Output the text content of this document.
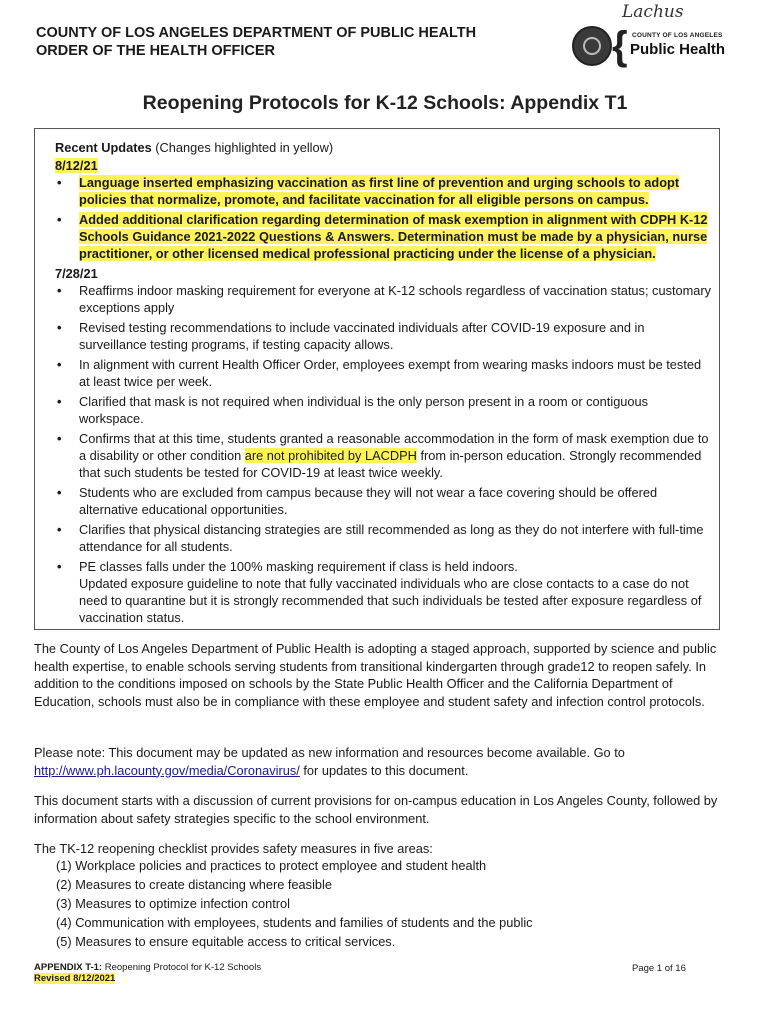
COUNTY OF LOS ANGELES DEPARTMENT OF PUBLIC HEALTH
ORDER OF THE HEALTH OFFICER
Lachus
{ COUNTY OF LOS ANGELES
Public Health
Reopening Protocols for K-12 Schools: Appendix T1
Recent Updates (Changes highlighted in yellow)
8/12/21
• Language inserted emphasizing vaccination as first line of prevention and urging schools to adopt policies that normalize, promote, and facilitate vaccination for all eligible persons on campus.
• Added additional clarification regarding determination of mask exemption in alignment with CDPH K-12 Schools Guidance 2021-2022 Questions & Answers. Determination must be made by a physician, nurse practitioner, or other licensed medical professional practicing under the license of a physician.
7/28/21
• Reaffirms indoor masking requirement for everyone at K-12 schools regardless of vaccination status; customary exceptions apply
• Revised testing recommendations to include vaccinated individuals after COVID-19 exposure and in surveillance testing programs, if testing capacity allows.
• In alignment with current Health Officer Order, employees exempt from wearing masks indoors must be tested at least twice per week.
• Clarified that mask is not required when individual is the only person present in a room or contiguous workspace.
• Confirms that at this time, students granted a reasonable accommodation in the form of mask exemption due to a disability or other condition are not prohibited by LACDPH from in-person education. Strongly recommended that such students be tested for COVID-19 at least twice weekly.
• Students who are excluded from campus because they will not wear a face covering should be offered alternative educational opportunities.
• Clarifies that physical distancing strategies are still recommended as long as they do not interfere with full-time attendance for all students.
• PE classes falls under the 100% masking requirement if class is held indoors.
Updated exposure guideline to note that fully vaccinated individuals who are close contacts to a case do not need to quarantine but it is strongly recommended that such individuals be tested after exposure regardless of vaccination status.
The County of Los Angeles Department of Public Health is adopting a staged approach, supported by science and public health expertise, to enable schools serving students from transitional kindergarten through grade12 to reopen safely. In addition to the conditions imposed on schools by the State Public Health Officer and the California Department of Education, schools must also be in compliance with these employee and student safety and infection control protocols.
Please note: This document may be updated as new information and resources become available. Go to http://www.ph.lacounty.gov/media/Coronavirus/ for updates to this document.
This document starts with a discussion of current provisions for on-campus education in Los Angeles County, followed by information about safety strategies specific to the school environment.
The TK-12 reopening checklist provides safety measures in five areas:
(1) Workplace policies and practices to protect employee and student health
(2) Measures to create distancing where feasible
(3) Measures to optimize infection control
(4) Communication with employees, students and families of students and the public
(5) Measures to ensure equitable access to critical services.
APPENDIX T-1: Reopening Protocol for K-12 Schools
Revised 8/12/2021
Page 1 of 16
